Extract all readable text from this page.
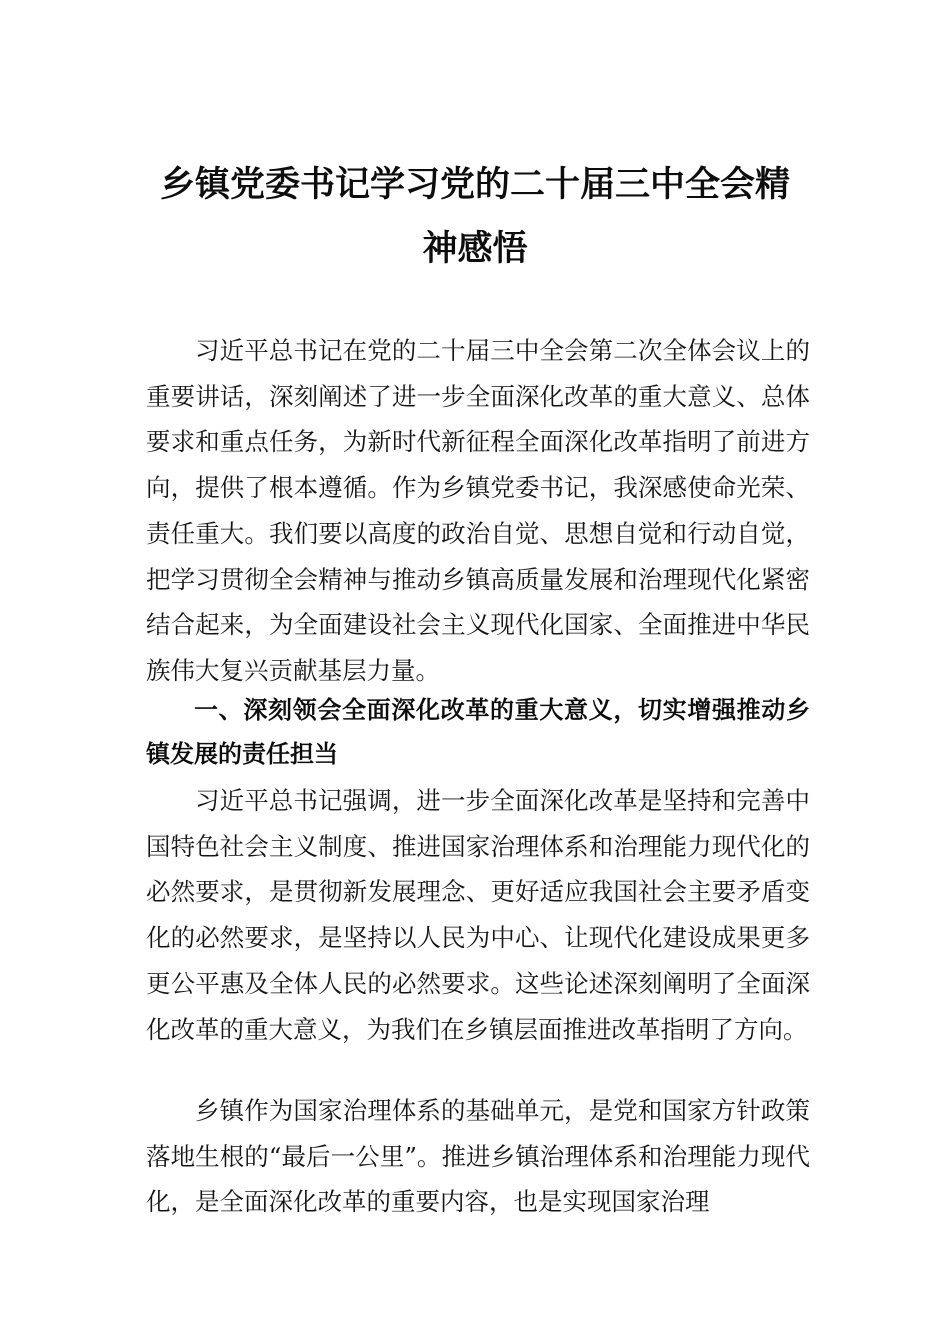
乡镇党委书记学习党的二十届三中全会精
神感悟

习近平总书记在党的二十届三中全会第二次全体会议上的重要讲话，深刻阐述了进一步全面深化改革的重大意义、总体要求和重点任务，为新时代新征程全面深化改革指明了前进方向，提供了根本遵循。作为乡镇党委书记，我深感使命光荣、责任重大。我们要以高度的政治自觉、思想自觉和行动自觉，把学习贯彻全会精神与推动乡镇高质量发展和治理现代化紧密结合起来，为全面建设社会主义现代化国家、全面推进中华民族伟大复兴贡献基层力量。

一、深刻领会全面深化改革的重大意义，切实增强推动乡镇发展的责任担当

习近平总书记强调，进一步全面深化改革是坚持和完善中国特色社会主义制度、推进国家治理体系和治理能力现代化的必然要求，是贯彻新发展理念、更好适应我国社会主要矛盾变化的必然要求，是坚持以人民为中心、让现代化建设成果更多更公平惠及全体人民的必然要求。这些论述深刻阐明了全面深化改革的重大意义，为我们在乡镇层面推进改革指明了方向。

乡镇作为国家治理体系的基础单元，是党和国家方针政策落地生根的“最后一公里”。推进乡镇治理体系和治理能力现代化，是全面深化改革的重要内容，也是实现国家治理
